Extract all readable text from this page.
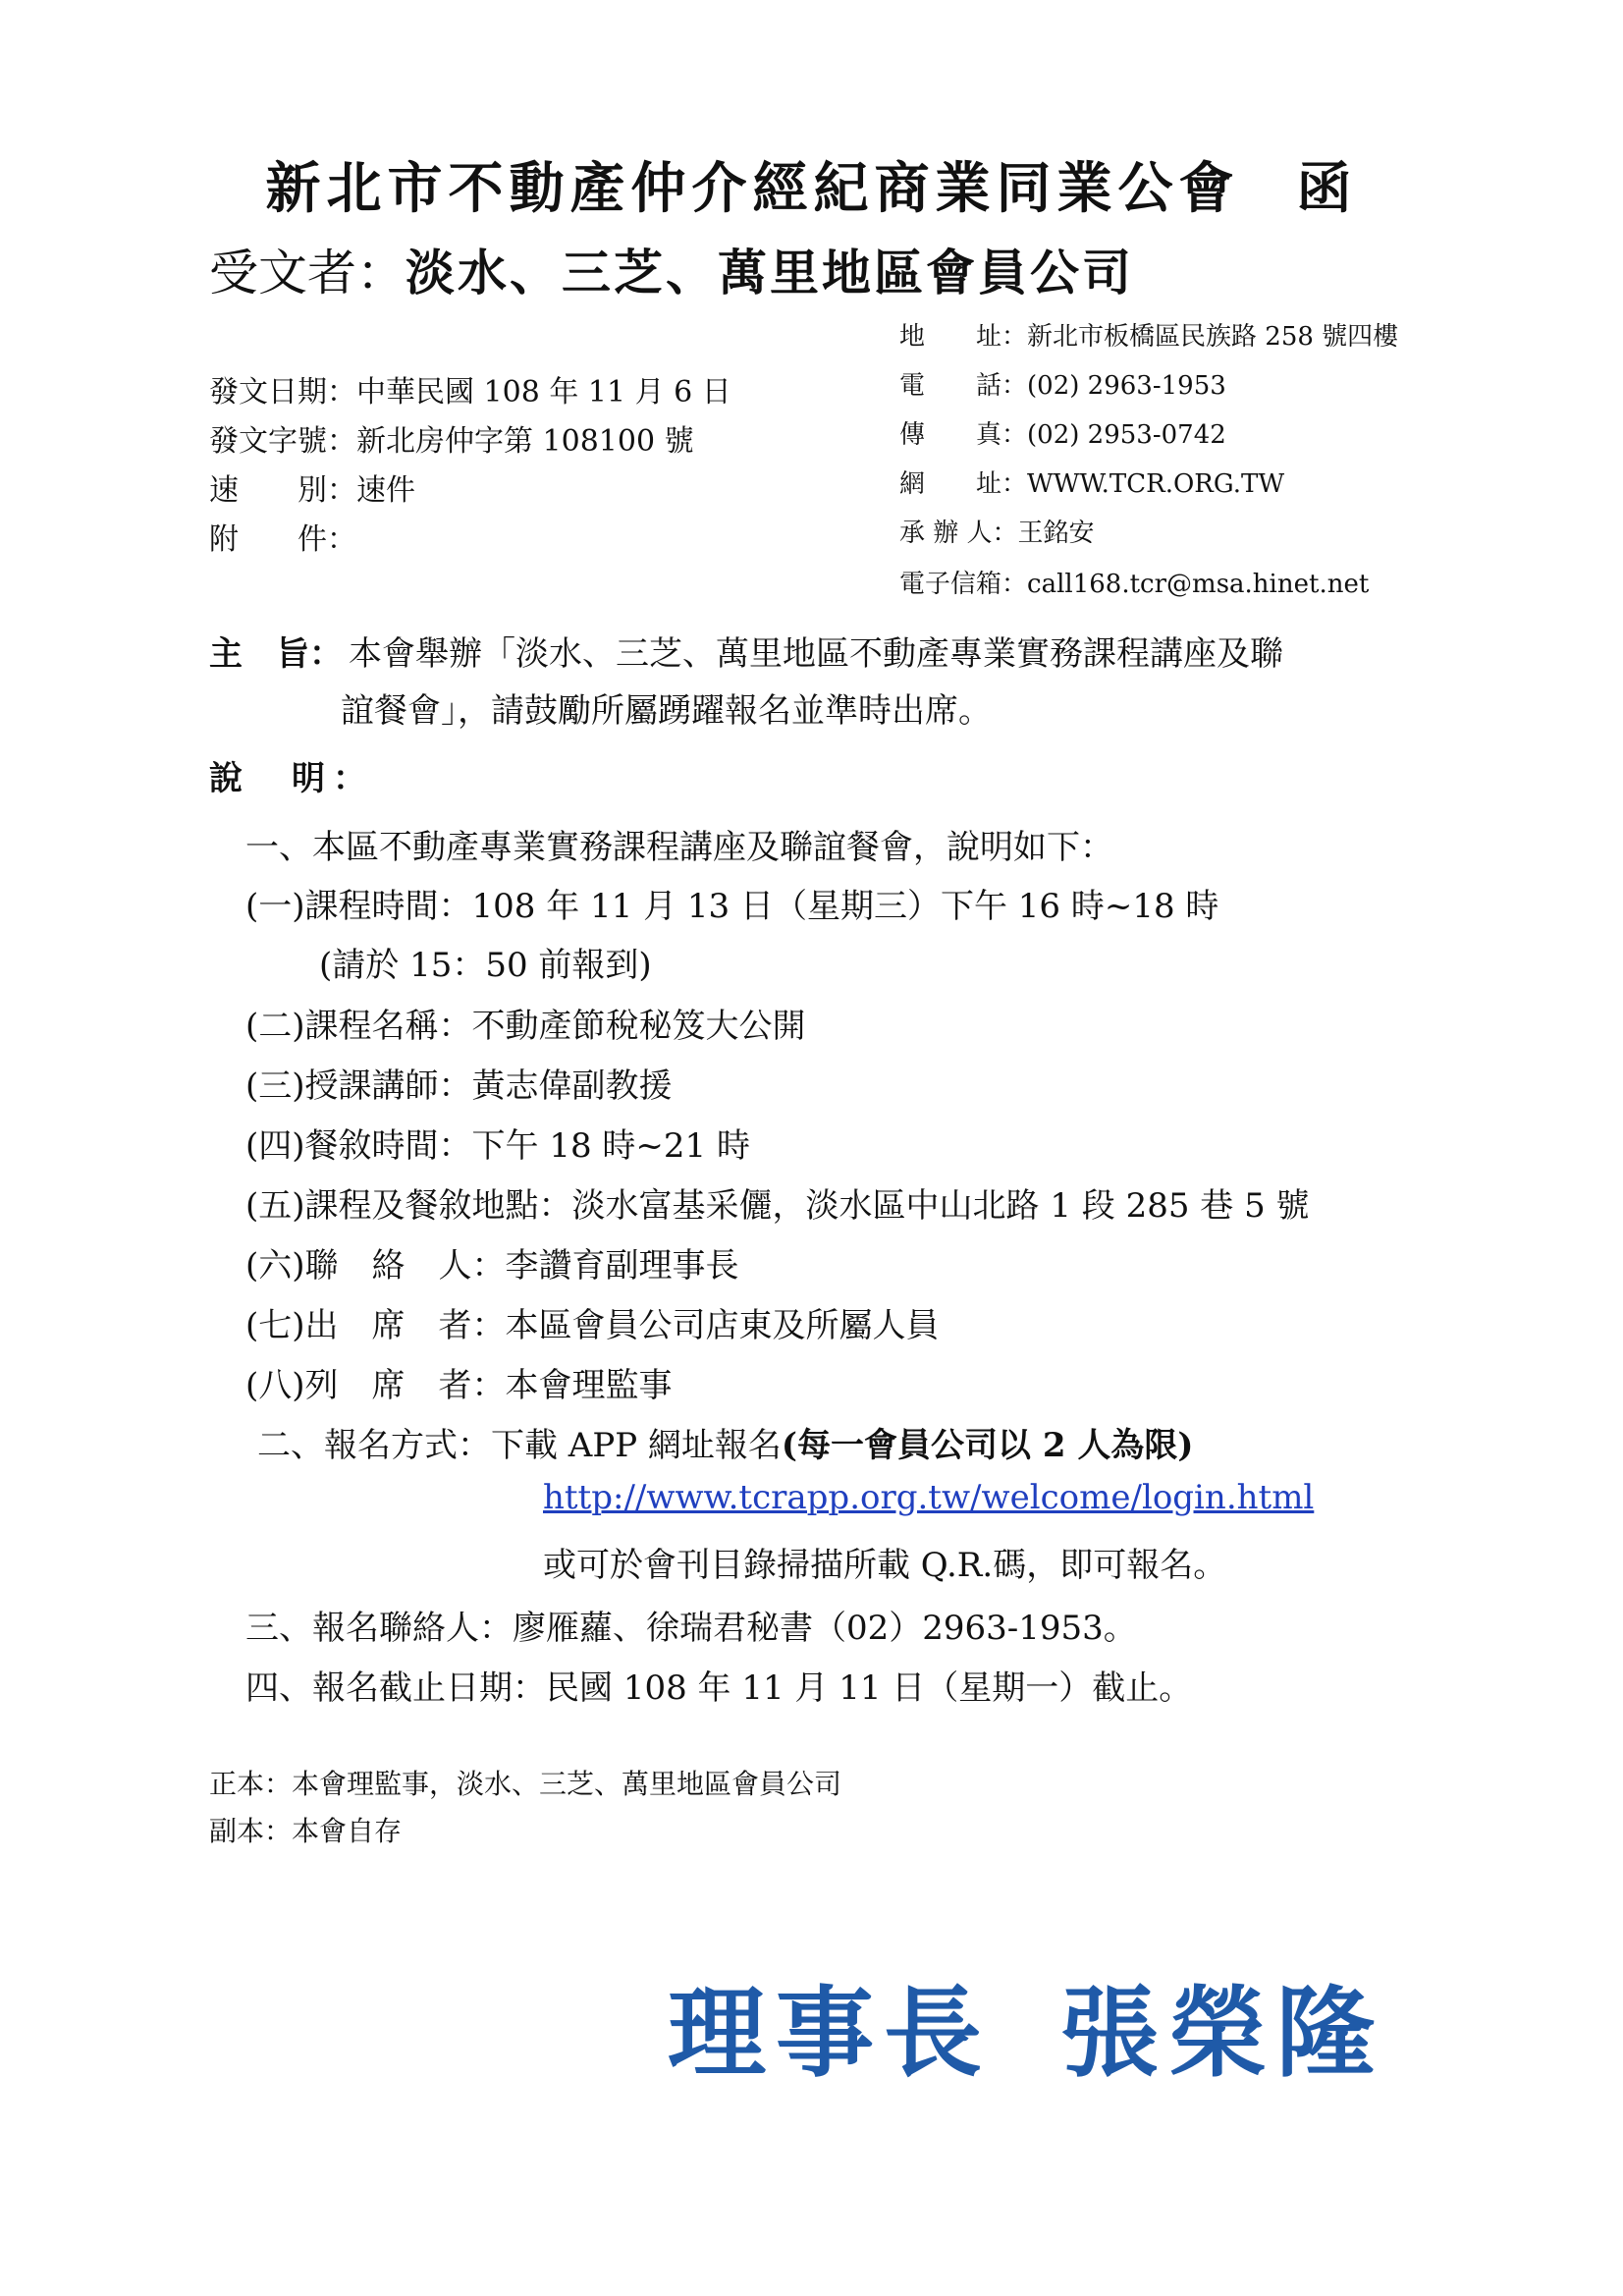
新北市不動產仲介經紀商業同業公會 函
受文者：淡水、三芝、萬里地區會員公司
地　　址：新北市板橋區民族路 258 號四樓
電　　話：(02) 2963-1953
傳　　真：(02) 2953-0742
網　　址：WWW.TCR.ORG.TW
承 辦 人：王銘安
電子信箱：call168.tcr@msa.hinet.net
發文日期：中華民國 108 年 11 月 6 日
發文字號：新北房仲字第 108100 號
速　　別：速件
附　　件：
主　旨： 本會舉辦「淡水、三芝、萬里地區不動產專業實務課程講座及聯
誼餐會」，請鼓勵所屬踴躍報名並準時出席。
說　明：
一、本區不動產專業實務課程講座及聯誼餐會，說明如下：
(一)課程時間：108 年 11 月 13 日（星期三）下午 16 時~18 時
(請於 15：50 前報到)
(二)課程名稱：不動產節稅秘笈大公開
(三)授課講師：黃志偉副教援
(四)餐敘時間：下午 18 時~21 時
(五)課程及餐敘地點：淡水富基采儷，淡水區中山北路 1 段 285 巷 5 號
(六)聯　絡　人：李讚育副理事長
(七)出　席　者：本區會員公司店東及所屬人員
(八)列　席　者：本會理監事
二、報名方式：下載 APP 網址報名(每一會員公司以 2 人為限)
http://www.tcrapp.org.tw/welcome/login.html
或可於會刊目錄掃描所載 Q.R.碼，即可報名。
三、報名聯絡人：廖雁蘿、徐瑞君秘書（02）2963-1953。
四、報名截止日期：民國 108 年 11 月 11 日（星期一）截止。
正本：本會理監事，淡水、三芝、萬里地區會員公司
副本：本會自存
理事長 張榮隆
